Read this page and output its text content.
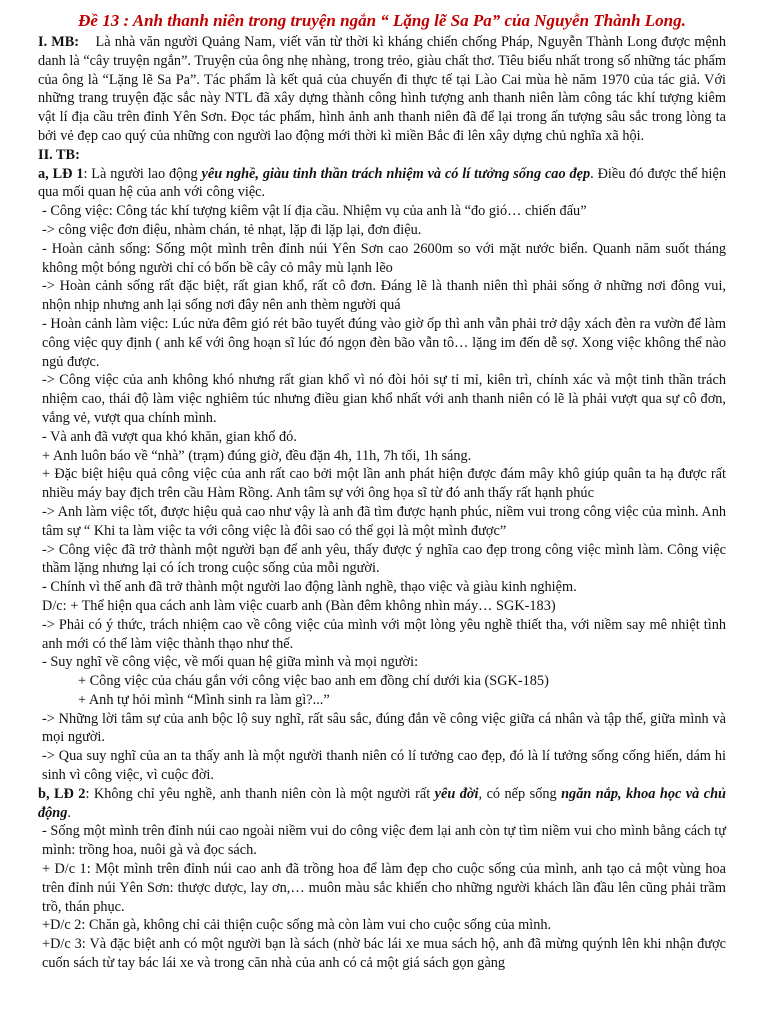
Đề 13 : Anh thanh niên trong truyện ngắn “ Lặng lẽ Sa Pa” của Nguyễn Thành Long.

I. MB: Là nhà văn người Quảng Nam, viết văn từ thời kì kháng chiến chống Pháp, Nguyễn Thành Long được mệnh danh là “cây truyện ngắn”. Truyện của ông nhẹ nhàng, trong trẻo, giàu chất thơ. Tiêu biểu nhất trong số những tác phẩm của ông là “Lặng lẽ Sa Pa”. Tác phẩm là kết quả của chuyến đi thực tế tại Lào Cai mùa hè năm 1970 của tác giả. Với những trang truyện đặc sắc này NTL đã xây dựng thành công hình tượng anh thanh niên làm công tác khí tượng kiêm vật lí địa cầu trên đỉnh Yên Sơn. Đọc tác phẩm, hình ảnh anh thanh niên đã để lại trong ấn tượng sâu sắc trong lòng ta bởi vẻ đẹp cao quý của những con người lao động mới thời kì miền Bắc đi lên xây dựng chủ nghĩa xã hội.

II. TB:

a, LĐ 1: Là người lao động yêu nghề, giàu tinh thần trách nhiệm và có lí tưởng sống cao đẹp. Điều đó được thể hiện qua mối quan hệ của anh với công việc.

- Công việc: Công tác khí tượng kiêm vật lí địa cầu. Nhiệm vụ của anh là “đo gió… chiến đấu”

-> công việc đơn điệu, nhàm chán, tẻ nhạt, lặp đi lặp lại, đơn điệu.

- Hoàn cảnh sống: Sống một mình trên đỉnh núi Yên Sơn cao 2600m so với mặt nước biển. Quanh năm suốt tháng không một bóng người chỉ có bốn bề cây cỏ mây mù lạnh lẽo

-> Hoàn cảnh sống rất đặc biệt, rất gian khổ, rất cô đơn. Đáng lẽ là thanh niên thì phải sống ở những nơi đông vui, nhộn nhịp nhưng anh lại sống nơi đây nên anh thèm người quá

- Hoàn cảnh làm việc: Lúc nửa đêm gió rét bão tuyết đúng vào giờ ốp thì anh vẫn phải trở dậy xách đèn ra vườn để làm công việc quy định ( anh kể với ông hoạn sĩ lúc đó ngọn đèn bão vẫn tô… lặng im đến dễ sợ. Xong việc không thể nào ngủ được.

-> Công việc của anh không khó nhưng rất gian khổ vì nó đòi hỏi sự tỉ mỉ, kiên trì, chính xác và một tinh thần trách nhiệm cao, thái độ làm việc nghiêm túc nhưng điều gian khổ nhất với anh thanh niên có lẽ là phải vượt qua sự cô đơn, vắng vẻ, vượt qua chính mình.

- Và anh đã vượt qua khó khăn, gian khổ đó.

+ Anh luôn báo về “nhà” (trạm) đúng giờ, đều đặn 4h, 11h, 7h tối, 1h sáng.

+ Đặc biệt hiệu quả công việc của anh rất cao bởi một lần anh phát hiện được đám mây khô giúp quân ta hạ được rất nhiều máy bay địch trên cầu Hàm Rồng. Anh tâm sự với ông họa sĩ từ đó anh thấy rất hạnh phúc

-> Anh làm việc tốt, được hiệu quả cao như vậy là anh đã tìm được hạnh phúc, niềm vui trong công việc của mình. Anh tâm sự “ Khi ta làm việc ta với công việc là đôi sao có thể gọi là một mình được”

-> Công việc đã trở thành một người bạn để anh yêu, thấy được ý nghĩa cao đẹp trong công việc mình làm. Công việc thầm lặng nhưng lại có ích trong cuộc sống của mỗi người.

- Chính vì thế anh đã trở thành một người lao động lành nghề, thạo việc và giàu kinh nghiệm.

D/c: + Thể hiện qua cách anh làm việc cuarb anh (Bàn đêm không nhìn máy… SGK-183)

-> Phải có ý thức, trách nhiệm cao về công việc của mình với một lòng yêu nghề thiết tha, với niềm say mê nhiệt tình anh mới có thể làm việc thành thạo như thế.

- Suy nghĩ về công việc, về mối quan hệ giữa mình và mọi người:

+ Công việc của cháu gắn với công việc bao anh em đồng chí dưới kia (SGK-185)

+ Anh tự hỏi mình “Mình sinh ra làm gì?...”

-> Những lời tâm sự của anh bộc lộ suy nghĩ, rất sâu sắc, đúng đắn về công việc giữa cá nhân và tập thể, giữa mình và mọi người.

-> Qua suy nghĩ của an ta thấy anh là một người thanh niên có lí tưởng cao đẹp, đó là lí tưởng sống cống hiến, dám hi sinh vì công việc, vì cuộc đời.

b, LĐ 2: Không chỉ yêu nghề, anh thanh niên còn là một người rất yêu đời, có nếp sống ngăn nắp, khoa học và chủ động.

- Sống một mình trên đỉnh núi cao ngoài niềm vui do công việc đem lại anh còn tự tìm niềm vui cho mình bằng cách tự mình: trồng hoa, nuôi gà và đọc sách.

+ D/c 1: Một mình trên đỉnh núi cao anh đã trồng hoa để làm đẹp cho cuộc sống của mình, anh tạo cả một vùng hoa trên đỉnh núi Yên Sơn: thược dược, lay ơn,… muôn màu sắc khiến cho những người khách lần đầu lên cũng phải trầm trồ, thán phục.

+D/c 2: Chăn gà, không chỉ cải thiện cuộc sống mà còn làm vui cho cuộc sống của mình.

+D/c 3: Và đặc biệt anh có một người bạn là sách (nhờ bác lái xe mua sách hộ, anh đã mừng quýnh lên khi nhận được cuốn sách từ tay bác lái xe và trong căn nhà của anh có cả một giá sách gọn gàng
